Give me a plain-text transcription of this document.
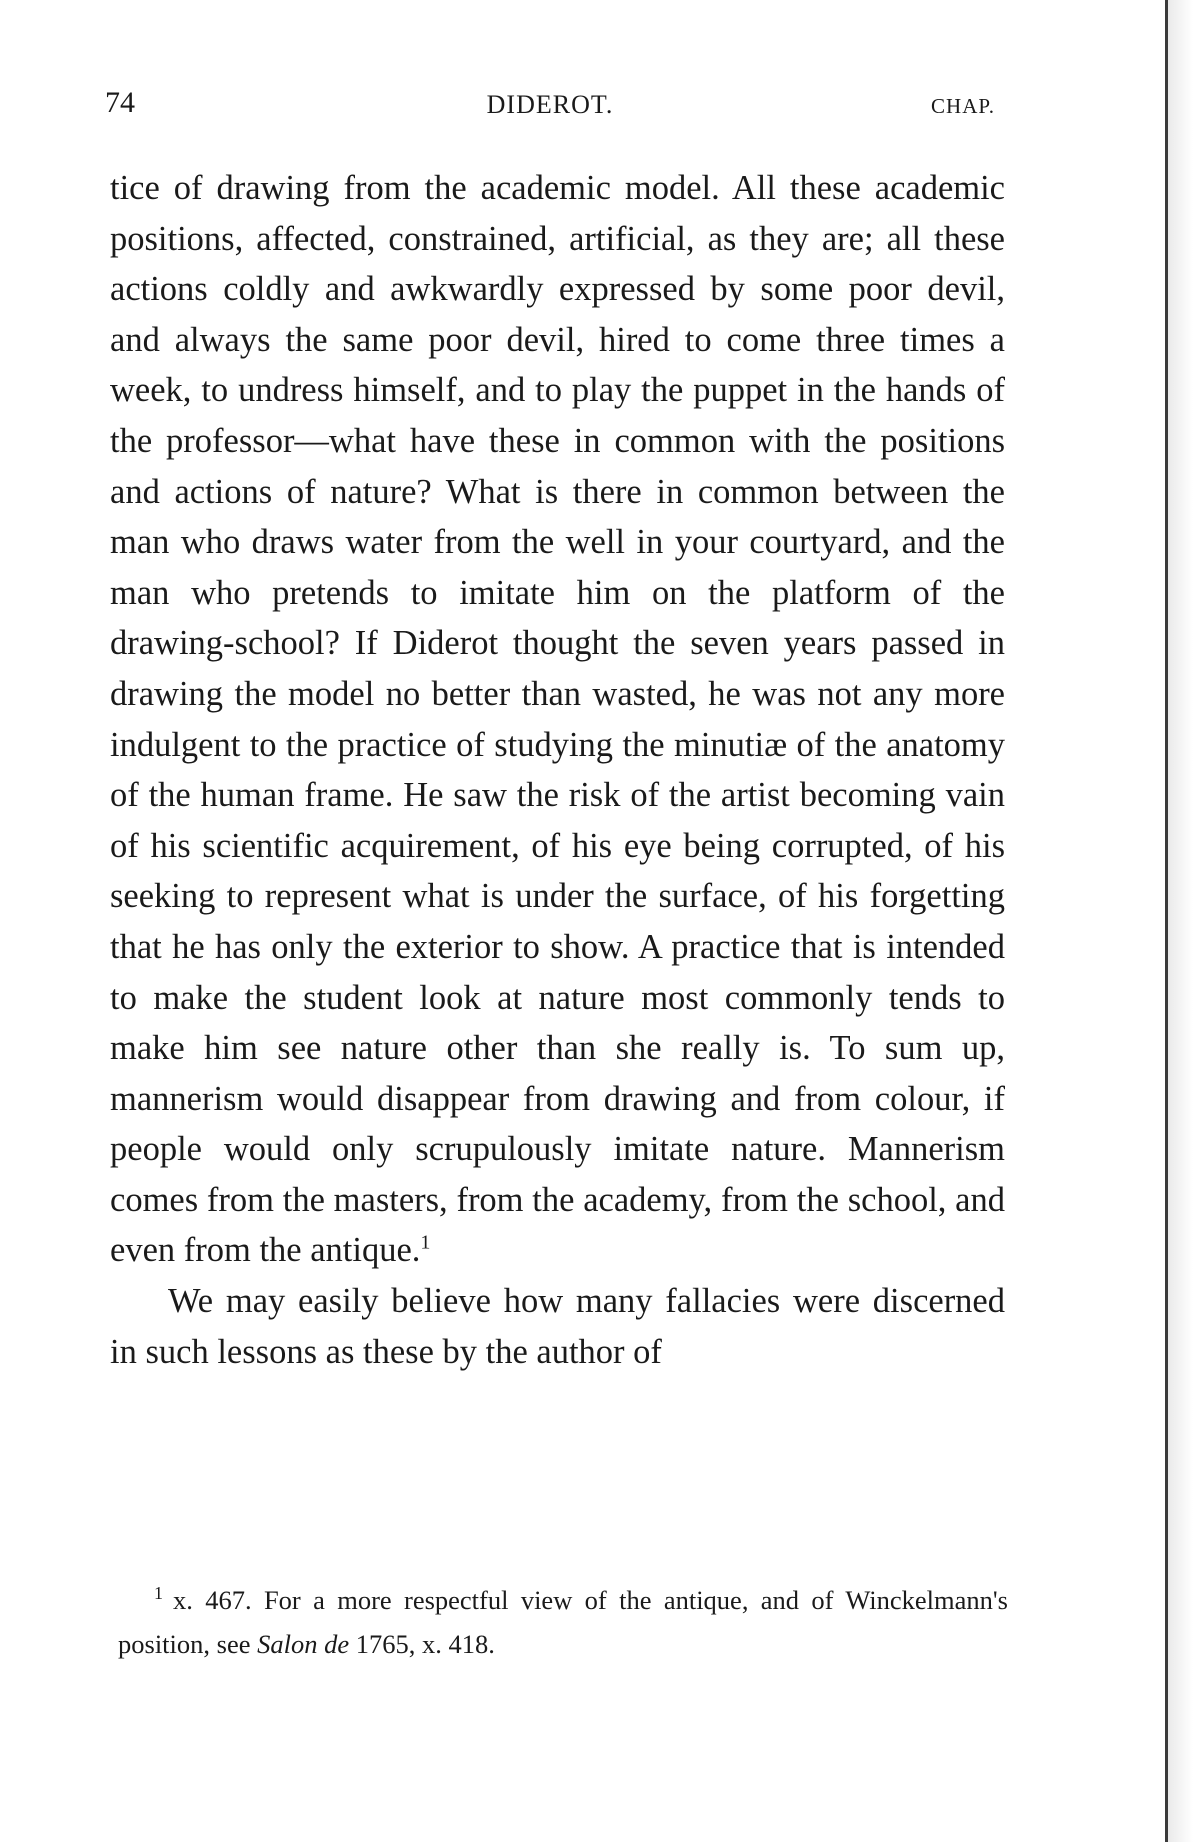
74	DIDEROT.	CHAP.

tice of drawing from the academic model. All these academic positions, affected, constrained, artificial, as they are; all these actions coldly and awkwardly expressed by some poor devil, and always the same poor devil, hired to come three times a week, to undress himself, and to play the puppet in the hands of the professor—what have these in common with the positions and actions of nature? What is there in common between the man who draws water from the well in your courtyard, and the man who pretends to imitate him on the platform of the drawing-school? If Diderot thought the seven years passed in drawing the model no better than wasted, he was not any more indulgent to the practice of studying the minutiæ of the anatomy of the human frame. He saw the risk of the artist becoming vain of his scientific acquirement, of his eye being corrupted, of his seeking to represent what is under the surface, of his forgetting that he has only the exterior to show. A practice that is intended to make the student look at nature most commonly tends to make him see nature other than she really is. To sum up, mannerism would disappear from drawing and from colour, if people would only scrupulously imitate nature. Mannerism comes from the masters, from the academy, from the school, and even from the antique.$^1$

We may easily believe how many fallacies were discerned in such lessons as these by the author of

$^1$ x. 467. For a more respectful view of the antique, and of Winckelmann's position, see Salon de 1765, x. 418.
